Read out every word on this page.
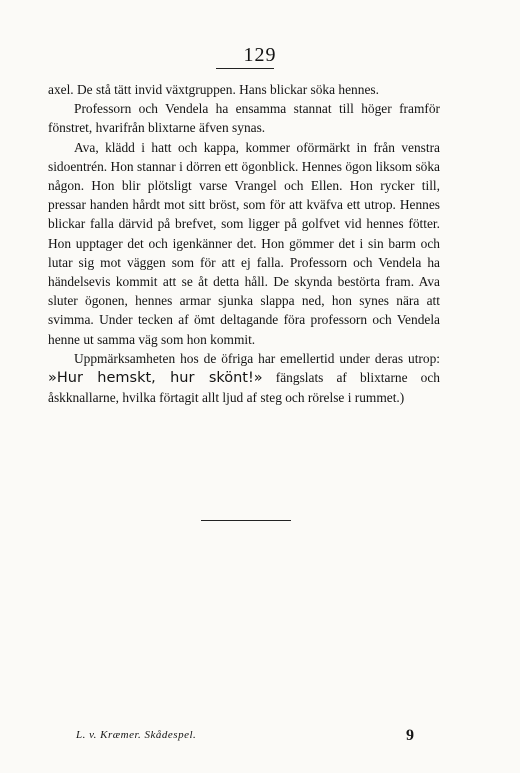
129

axel. De stå tätt invid växtgruppen. Hans blickar söka hennes.

Professorn och Vendela ha ensamma stannat till höger framför fönstret, hvarifrån blixtarne äfven synas.

Ava, klädd i hatt och kappa, kommer oförmärkt in från venstra sidoentrén. Hon stannar i dörren ett ögonblick. Hennes ögon liksom söka någon. Hon blir plötsligt varse Vrangel och Ellen. Hon rycker till, pressar handen hårdt mot sitt bröst, som för att kväfva ett utrop. Hennes blickar falla därvid på brefvet, som ligger på golfvet vid hennes fötter. Hon upptager det och igenkänner det. Hon gömmer det i sin barm och lutar sig mot väggen som för att ej falla. Professorn och Vendela ha händelsevis kommit att se åt detta håll. De skynda bestörta fram. Ava sluter ögonen, hennes armar sjunka slappa ned, hon synes nära att svimma. Under tecken af ömt deltagande föra professorn och Vendela henne ut samma väg som hon kommit.

Uppmärksamheten hos de öfriga har emellertid under deras utrop: »Hur hemskt, hur skönt!» fängslats af blixtarne och åskknallarne, hvilka förtagit allt ljud af steg och rörelse i rummet.)

L. v. Kræmer. Skådespel.	9
